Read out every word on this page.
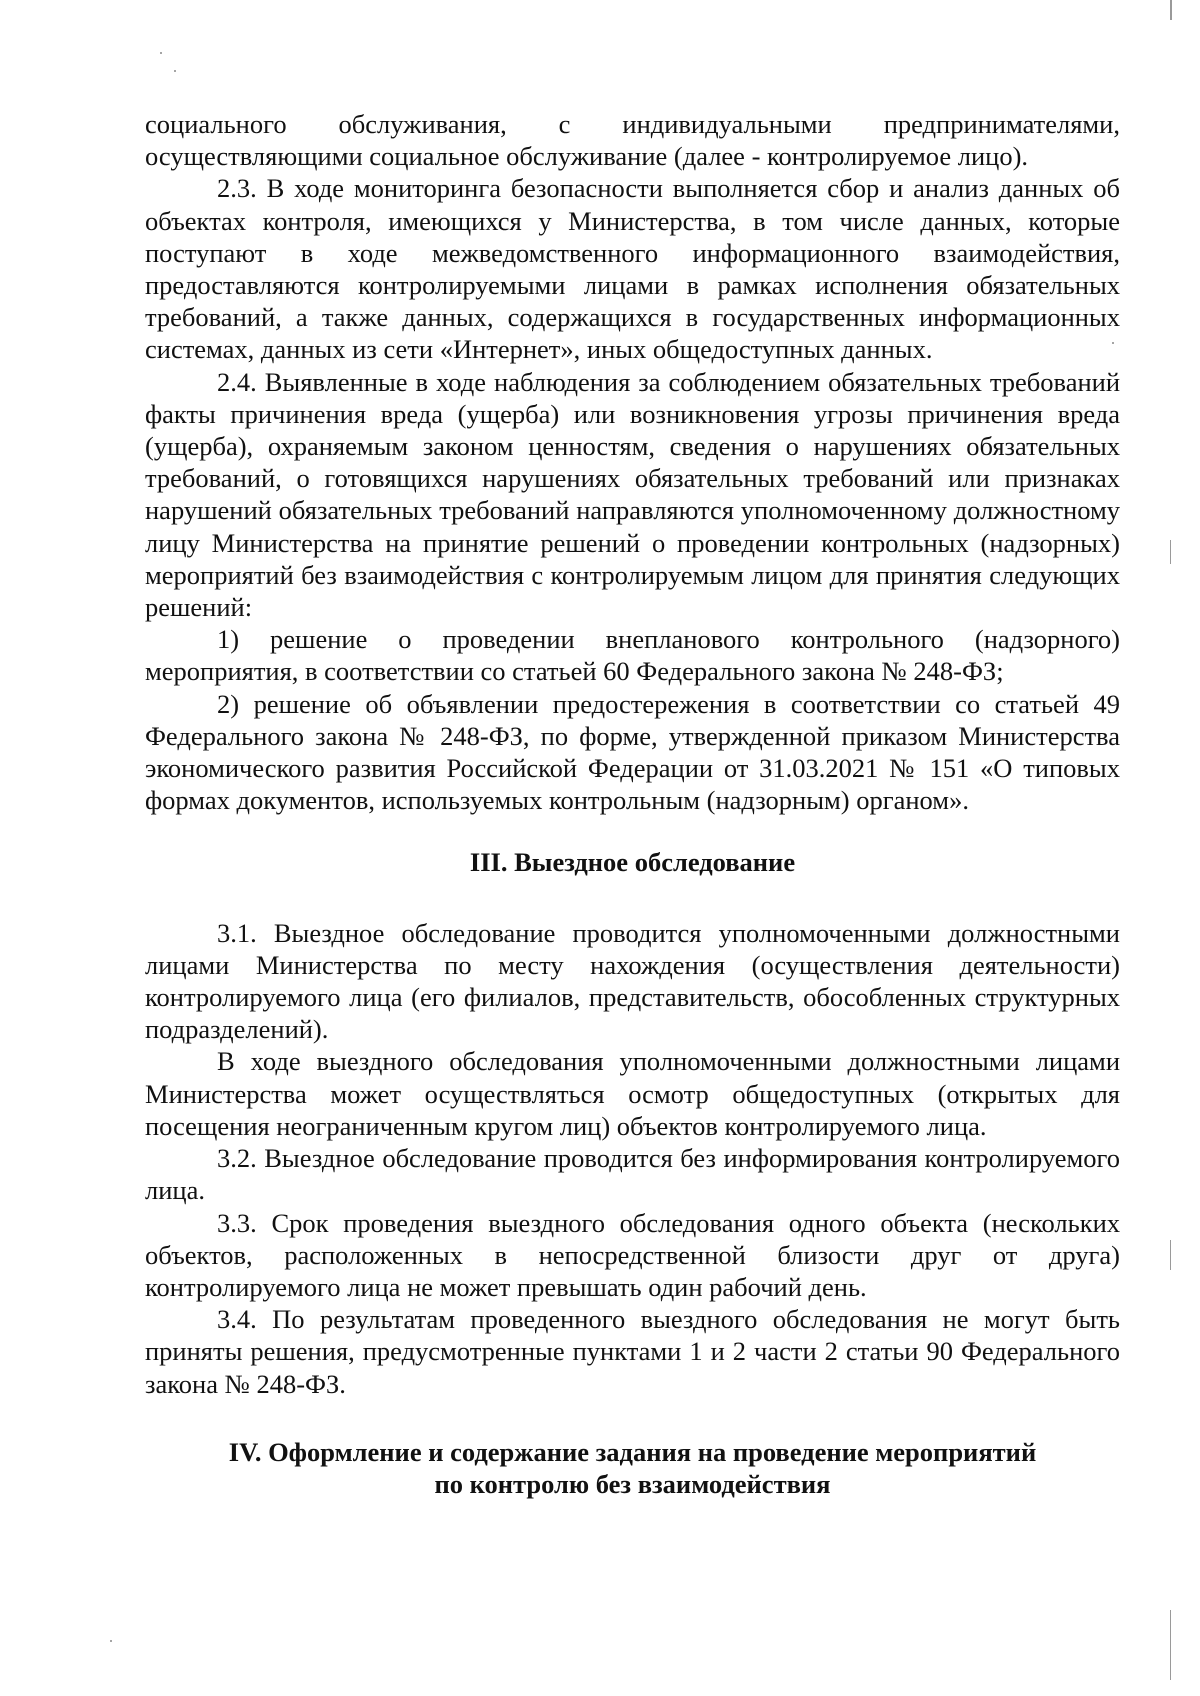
социального обслуживания, с индивидуальными предпринимателями, осуществляющими социальное обслуживание (далее - контролируемое лицо).

2.3. В ходе мониторинга безопасности выполняется сбор и анализ данных об объектах контроля, имеющихся у Министерства, в том числе данных, которые поступают в ходе межведомственного информационного взаимодействия, предоставляются контролируемыми лицами в рамках исполнения обязательных требований, а также данных, содержащихся в государственных информационных системах, данных из сети «Интернет», иных общедоступных данных.

2.4. Выявленные в ходе наблюдения за соблюдением обязательных требований факты причинения вреда (ущерба) или возникновения угрозы причинения вреда (ущерба), охраняемым законом ценностям, сведения о нарушениях обязательных требований, о готовящихся нарушениях обязательных требований или признаках нарушений обязательных требований направляются уполномоченному должностному лицу Министерства на принятие решений о проведении контрольных (надзорных) мероприятий без взаимодействия с контролируемым лицом для принятия следующих решений:

1) решение о проведении внепланового контрольного (надзорного) мероприятия, в соответствии со статьей 60 Федерального закона № 248-ФЗ;

2) решение об объявлении предостережения в соответствии со статьей 49 Федерального закона № 248-ФЗ, по форме, утвержденной приказом Министерства экономического развития Российской Федерации от 31.03.2021 № 151 «О типовых формах документов, используемых контрольным (надзорным) органом».

III. Выездное обследование

3.1. Выездное обследование проводится уполномоченными должностными лицами Министерства по месту нахождения (осуществления деятельности) контролируемого лица (его филиалов, представительств, обособленных структурных подразделений).

В ходе выездного обследования уполномоченными должностными лицами Министерства может осуществляться осмотр общедоступных (открытых для посещения неограниченным кругом лиц) объектов контролируемого лица.

3.2. Выездное обследование проводится без информирования контролируемого лица.

3.3. Срок проведения выездного обследования одного объекта (нескольких объектов, расположенных в непосредственной близости друг от друга) контролируемого лица не может превышать один рабочий день.

3.4. По результатам проведенного выездного обследования не могут быть приняты решения, предусмотренные пунктами 1 и 2 части 2 статьи 90 Федерального закона № 248-ФЗ.

IV. Оформление и содержание задания на проведение мероприятий

по контролю без взаимодействия
